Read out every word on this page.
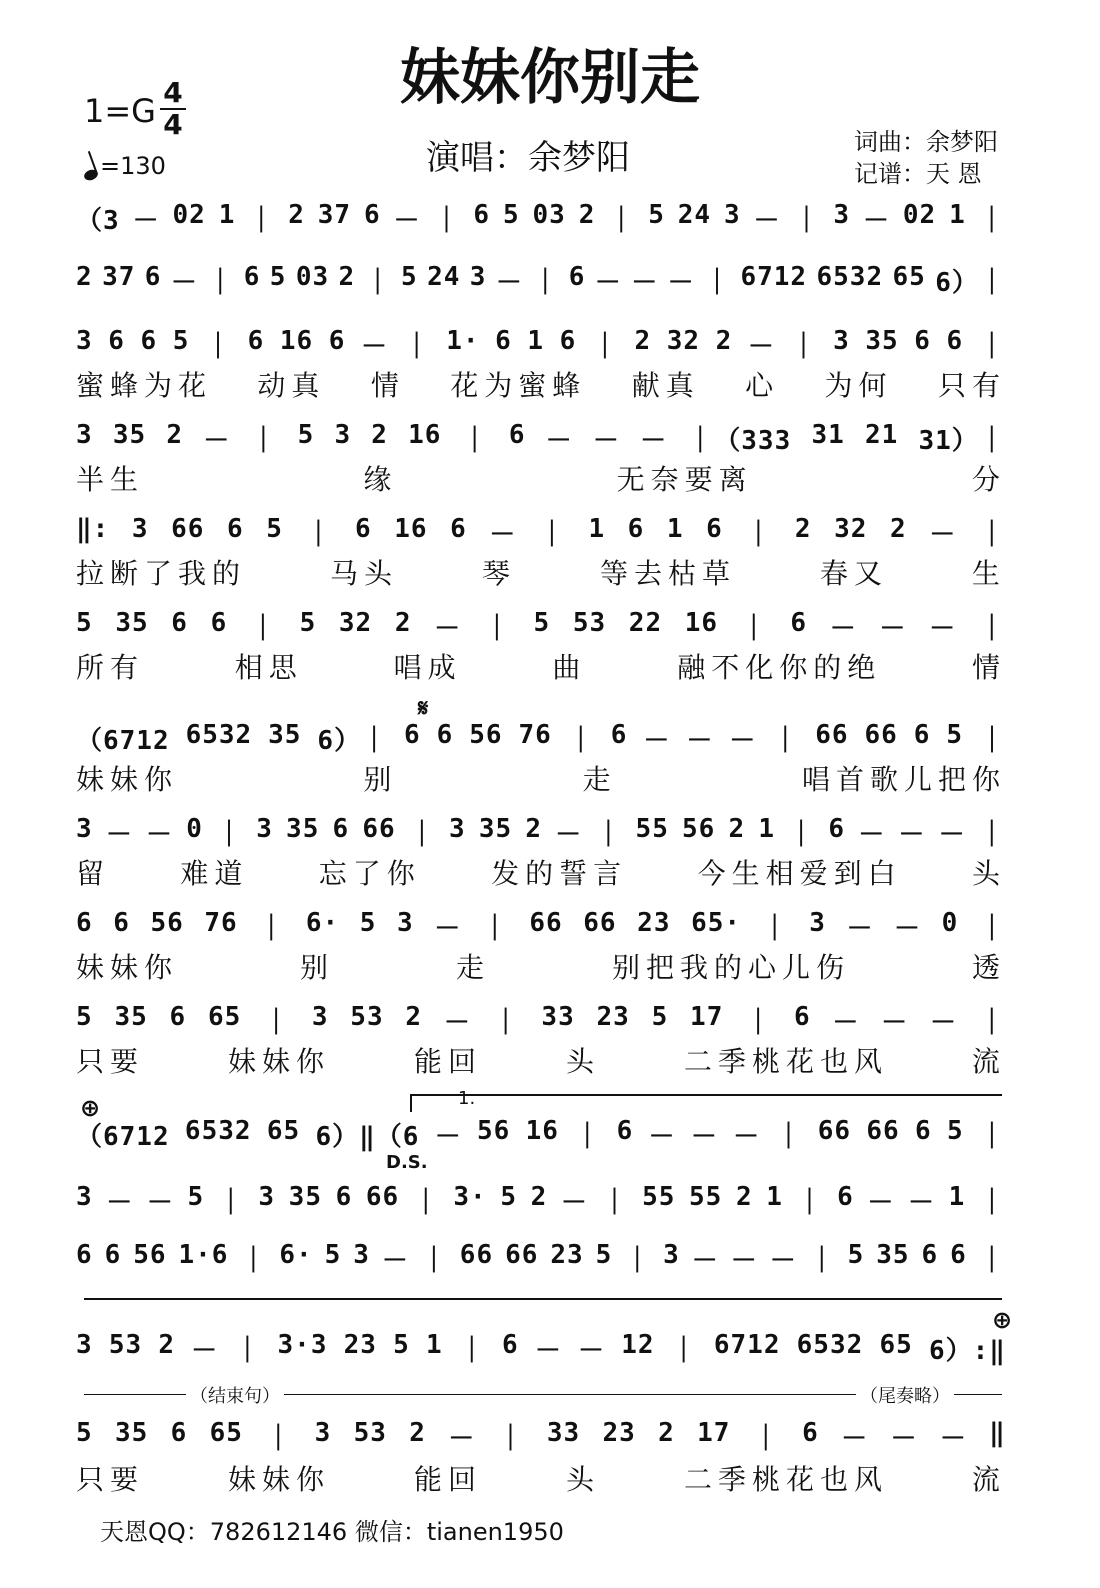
妹妹你别走
1=G 4
4
=130	演唱：余梦阳	词曲：余梦阳
记谱：天 恩
（3 － 02 1 ｜ 2 37 6 － ｜ 6 5 03 2 ｜ 5 24 3 － ｜ 3 － 02 1 ｜
2 37 6 － ｜ 6 5 03 2 ｜ 5 24 3 － ｜ 6 － － － ｜ 6712 6532 65 6）｜
3 6 6 5 ｜ 6 16 6 － ｜ 1· 6 1 6 ｜ 2 32 2 － ｜ 3 35 6 6 ｜
蜜蜂为花 动真 情 花为蜜蜂 献真 心 为何 只有
3 35 2 － ｜ 5 3 2 16 ｜ 6 － － － ｜（333 31 21 31）｜
半生	缘	无奈要离	分
‖: 3 66 6 5 ｜ 6 16 6 － ｜ 1 6 1 6 ｜ 2 32 2 － ｜
拉断了我的	马头	琴	等去枯草	春又	生
5 35 6 6 ｜ 5 32 2 － ｜ 5 53 22 16 ｜ 6 － － － ｜
所有	相思	唱成	曲	融不化你的绝	情
𝄋
（6712 6532 35 6）｜ 6 6 56 76 ｜ 6 － － － ｜ 66 66 6 5 ｜
妹妹你	别	走	唱首歌儿把你
3 － － 0 ｜ 3 35 6 66 ｜ 3 35 2 － ｜ 55 56 2 1 ｜ 6 － － － ｜
留	难道	忘了你	发的誓言	今生相爱到白	头
6 6 56 76 ｜ 6· 5 3 － ｜ 66 66 23 65· ｜ 3 － － 0 ｜
妹妹你	别	走	别把我的心儿伤	透
5 35 6 65 ｜ 3 53 2 － ｜ 33 23 5 17 ｜ 6 － － － ｜
只要	妹妹你	能回	头	二季桃花也风	流
⊕	1.
（6712 6532 65 6）‖（6 － 56 16 ｜ 6 － － － ｜ 66 66 6 5 ｜
D.S.
3 － － 5 ｜ 3 35 6 66 ｜ 3· 5 2 － ｜ 55 55 2 1 ｜ 6 － － 1 ｜
6 6 56 1·6 ｜ 6· 5 3 － ｜ 66 66 23 5 ｜ 3 － － － ｜ 5 35 6 6 ｜
⊕
3 53 2 － ｜ 3·3 23 5 1 ｜ 6 － － 12 ｜ 6712 6532 65 6）:‖
（结束句）	（尾奏略）
5 35 6 65 ｜ 3 53 2 － ｜ 33 23 2 17 ｜ 6 － － － ‖
只要	妹妹你	能回	头	二季桃花也风	流
天恩QQ：782612146 微信：tianen1950
